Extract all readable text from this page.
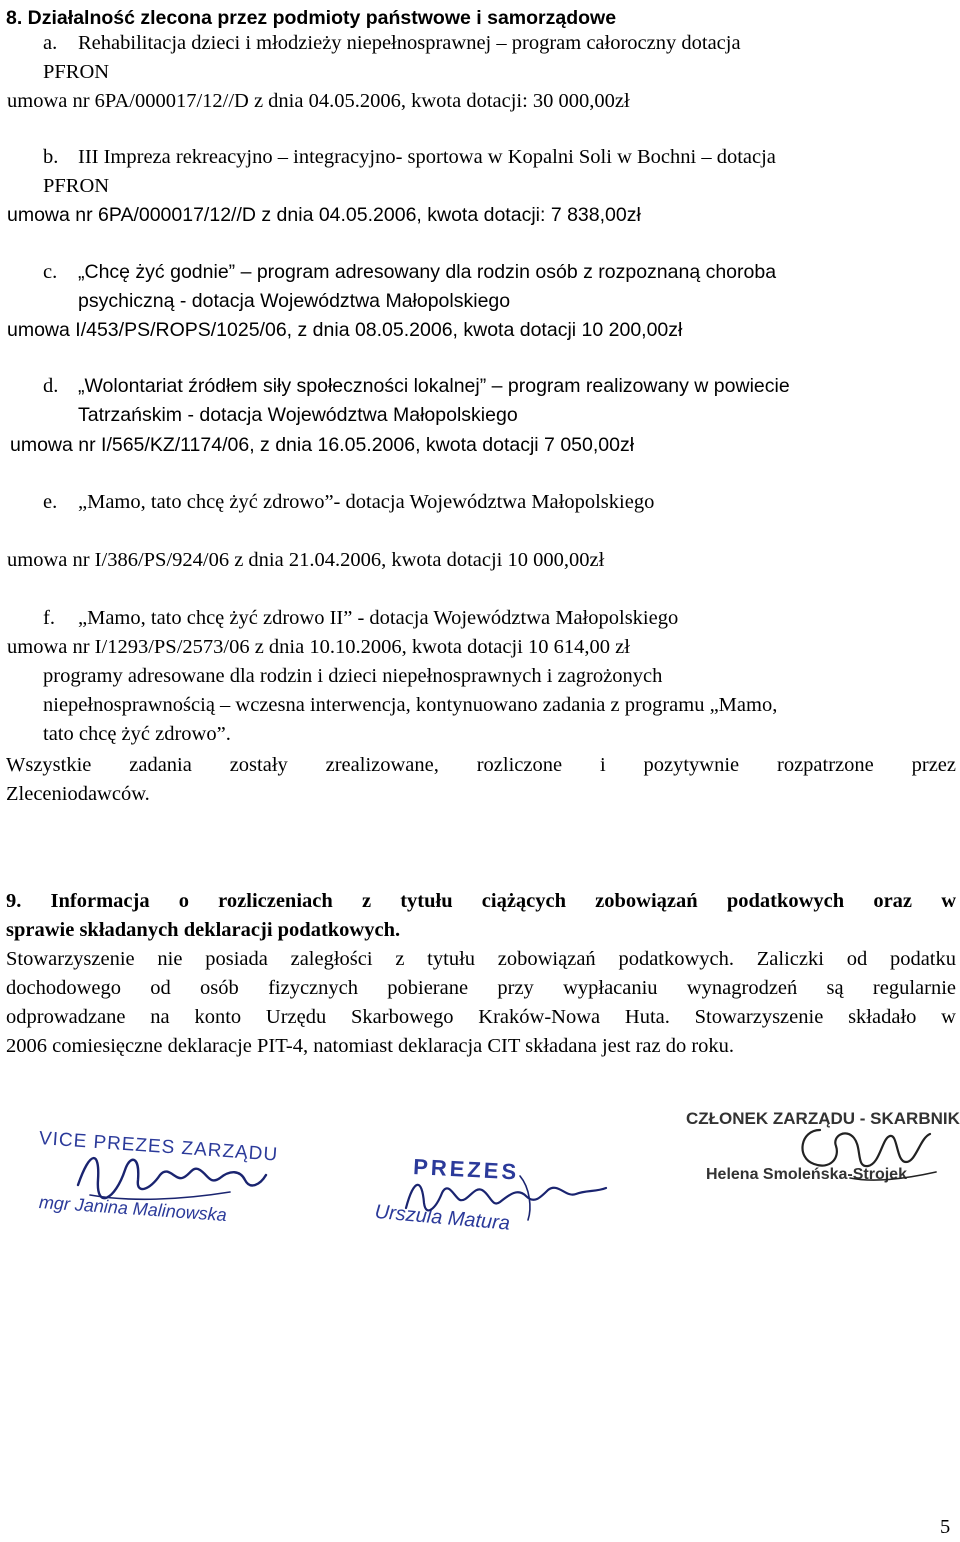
8. Działalność zlecona przez podmioty państwowe i samorządowe
a. Rehabilitacja dzieci i młodzieży niepełnosprawnej – program całoroczny dotacja
PFRON
umowa nr 6PA/000017/12//D z dnia 04.05.2006, kwota dotacji: 30 000,00zł
b. III Impreza rekreacyjno – integracyjno- sportowa w Kopalni Soli w Bochni – dotacja
PFRON
umowa nr 6PA/000017/12//D z dnia 04.05.2006, kwota dotacji: 7 838,00zł
c. „Chcę żyć godnie” – program adresowany dla rodzin osób z rozpoznaną choroba
psychiczną - dotacja Województwa Małopolskiego
umowa I/453/PS/ROPS/1025/06, z dnia 08.05.2006, kwota dotacji 10 200,00zł
d. „Wolontariat źródłem siły społeczności lokalnej” – program realizowany w powiecie
Tatrzańskim - dotacja Województwa Małopolskiego
umowa nr I/565/KZ/1174/06, z dnia 16.05.2006, kwota dotacji 7 050,00zł
e. „Mamo, tato chcę żyć zdrowo”- dotacja Województwa Małopolskiego
umowa nr I/386/PS/924/06 z dnia 21.04.2006, kwota dotacji 10 000,00zł
f. „Mamo, tato chcę żyć zdrowo II” - dotacja Województwa Małopolskiego
umowa nr I/1293/PS/2573/06 z dnia 10.10.2006, kwota dotacji 10 614,00 zł
programy adresowane dla rodzin i dzieci niepełnosprawnych i zagrożonych
niepełnosprawnością – wczesna interwencja, kontynuowano zadania z programu „Mamo,
tato chcę żyć zdrowo”.
Wszystkie zadania zostały zrealizowane, rozliczone i pozytywnie rozpatrzone przez
Zleceniodawców.
9. Informacja o rozliczeniach z tytułu ciążących zobowiązań podatkowych oraz w
sprawie składanych deklaracji podatkowych.
Stowarzyszenie nie posiada zaległości z tytułu zobowiązań podatkowych. Zaliczki od podatku
dochodowego od osób fizycznych pobierane przy wypłacaniu wynagrodzeń są regularnie
odprowadzane na konto Urzędu Skarbowego Kraków-Nowa Huta. Stowarzyszenie składało w
2006 comiesięczne deklaracje PIT-4, natomiast deklaracja CIT składana jest raz do roku.
VICE PREZES ZARZĄDU
mgr Janina Malinowska
PREZES
Urszula Matura
CZŁONEK ZARZĄDU - SKARBNIK
Helena Smoleńska-Strojek
5
